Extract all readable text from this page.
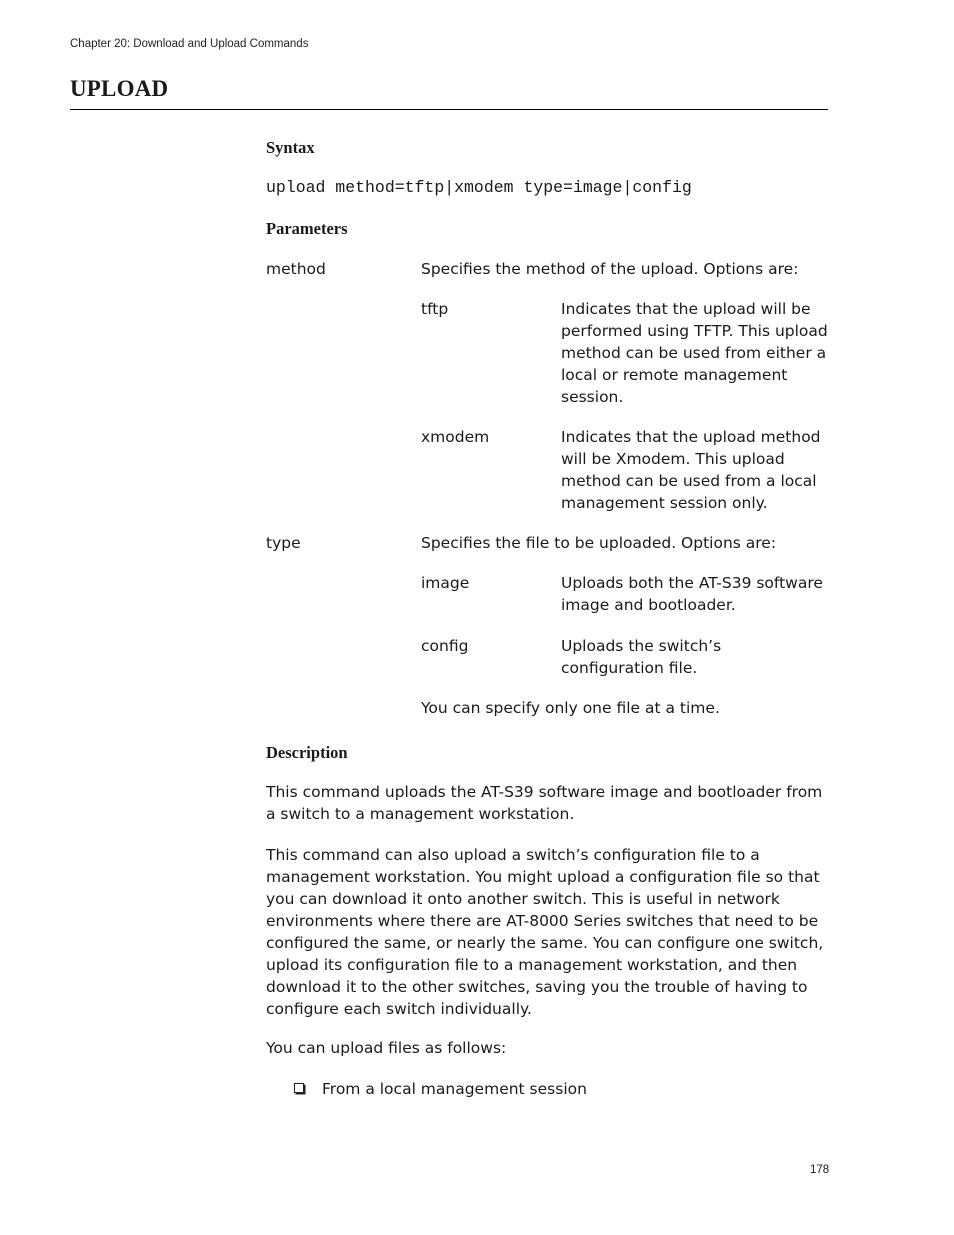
Chapter 20: Download and Upload Commands
UPLOAD
Syntax
upload method=tftp|xmodem type=image|config
Parameters
method	Specifies the method of the upload. Options are:
tftp	Indicates that the upload will be performed using TFTP. This upload method can be used from either a local or remote management session.
xmodem	Indicates that the upload method will be Xmodem. This upload method can be used from a local management session only.
type	Specifies the file to be uploaded. Options are:
image	Uploads both the AT-S39 software image and bootloader.
config	Uploads the switch’s configuration file.
You can specify only one file at a time.
Description
This command uploads the AT-S39 software image and bootloader from a switch to a management workstation.
This command can also upload a switch’s configuration file to a management workstation. You might upload a configuration file so that you can download it onto another switch. This is useful in network environments where there are AT-8000 Series switches that need to be configured the same, or nearly the same. You can configure one switch, upload its configuration file to a management workstation, and then download it to the other switches, saving you the trouble of having to configure each switch individually.
You can upload files as follows:
From a local management session
178
